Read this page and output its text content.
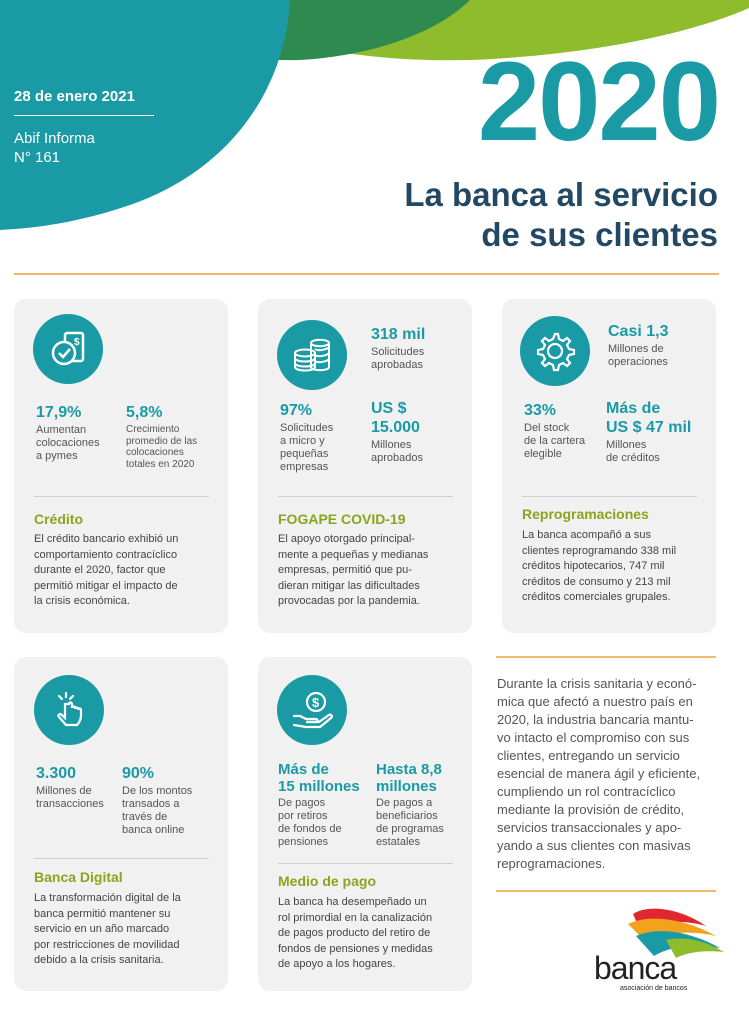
28 de enero 2021
Abif Informa
N° 161	2020
La banca al servicio
de sus clientes
$
17,9%
Aumentan
colocaciones
a pymes
5,8%
Crecimiento
promedio de las
colocaciones
totales en 2020
Crédito
El crédito bancario exhibió un
comportamiento contracíclico
durante el 2020, factor que
permitió mitigar el impacto de
la crisis económica.
318 mil
Solicitudes
aprobadas
97%
Solicitudes
a micro y
pequeñas
empresas
US $
15.000
Millones
aprobados
FOGAPE COVID-19
El apoyo otorgado principal-
mente a pequeñas y medianas
empresas, permitió que pu-
dieran mitigar las dificultades
provocadas por la pandemia.
Casi 1,3
Millones de
operaciones
33%
Del stock
de la cartera
elegible
Más de
US $ 47 mil
Millones
de créditos
Reprogramaciones
La banca acompañó a sus
clientes reprogramando 338 mil
créditos hipotecarios, 747 mil
créditos de consumo y 213 mil
créditos comerciales grupales.
3.300
Millones de
transacciones
90%
De los montos
transados a
través de
banca online
Banca Digital
La transformación digital de la
banca permitió mantener su
servicio en un año marcado
por restricciones de movilidad
debido a la crisis sanitaria.
$
Más de
15 millones
De pagos
por retiros
de fondos de
pensiones
Hasta 8,8
millones
De pagos a
beneficiarios
de programas
estatales
Medio de pago
La banca ha desempeñado un
rol primordial en la canalización
de pagos producto del retiro de
fondos de pensiones y medidas
de apoyo a los hogares.
Durante la crisis sanitaria y econó-
mica que afectó a nuestro país en
2020, la industria bancaria mantu-
vo intacto el compromiso con sus
clientes, entregando un servicio
esencial de manera ágil y eficiente,
cumpliendo un rol contracíclico
mediante la provisión de crédito,
servicios transaccionales y apo-
yando a sus clientes con masivas
reprogramaciones.
banca
asociación de bancos
